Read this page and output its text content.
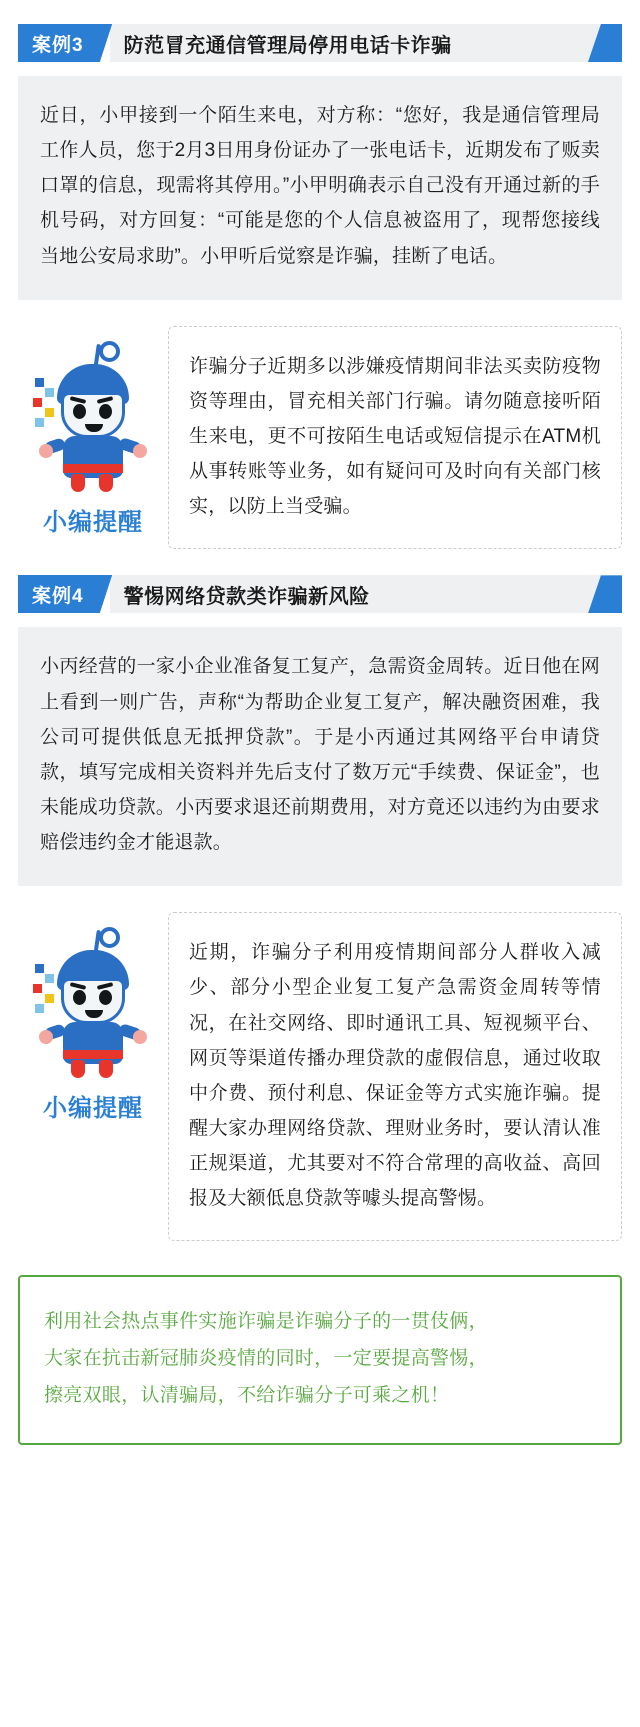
案例3	防范冒充通信管理局停用电话卡诈骗
近日，小甲接到一个陌生来电，对方称：“您好，我是通信管理局工作人员，您于2月3日用身份证办了一张电话卡，近期发布了贩卖口罩的信息，现需将其停用。”小甲明确表示自己没有开通过新的手机号码，对方回复：“可能是您的个人信息被盗用了，现帮您接线当地公安局求助”。小甲听后觉察是诈骗，挂断了电话。
小编提醒
诈骗分子近期多以涉嫌疫情期间非法买卖防疫物资等理由，冒充相关部门行骗。请勿随意接听陌生来电，更不可按陌生电话或短信提示在ATM机从事转账等业务，如有疑问可及时向有关部门核实，以防上当受骗。
案例4	警惕网络贷款类诈骗新风险
小丙经营的一家小企业准备复工复产，急需资金周转。近日他在网上看到一则广告，声称“为帮助企业复工复产，解决融资困难，我公司可提供低息无抵押贷款”。于是小丙通过其网络平台申请贷款，填写完成相关资料并先后支付了数万元“手续费、保证金”，也未能成功贷款。小丙要求退还前期费用，对方竟还以违约为由要求赔偿违约金才能退款。
小编提醒
近期，诈骗分子利用疫情期间部分人群收入减少、部分小型企业复工复产急需资金周转等情况，在社交网络、即时通讯工具、短视频平台、网页等渠道传播办理贷款的虚假信息，通过收取中介费、预付利息、保证金等方式实施诈骗。提醒大家办理网络贷款、理财业务时，要认清认准正规渠道，尤其要对不符合常理的高收益、高回报及大额低息贷款等噱头提高警惕。

利用社会热点事件实施诈骗是诈骗分子的一贯伎俩，

大家在抗击新冠肺炎疫情的同时，一定要提高警惕，

擦亮双眼，认清骗局，不给诈骗分子可乘之机！
